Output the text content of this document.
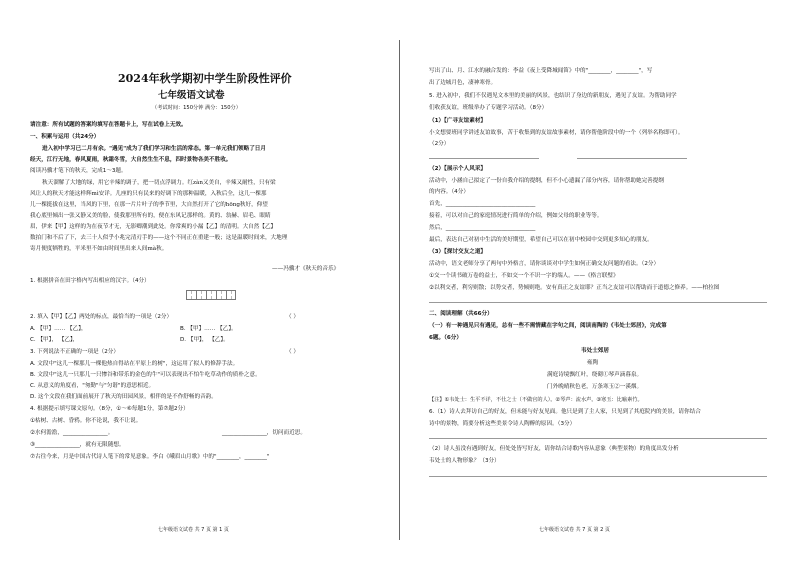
2024年秋学期初中学生阶段性评价
七年级语文试卷
（考试时间：150分钟 满分：150分）
请注意：所有试题的答案均填写在答题卡上，写在试卷上无效。
一、积累与运用（共24分）
进入初中学习已二月有余。"遇见"成为了我们学习和生活的常态。第一单元我们领略了日月
经天，江行无地，春风夏雨，秋霜冬雪，大自然生生不息，四时景物各美不胜收。
阅读冯骥才笔下的秋天，完成1～3题。
秋天溜解了大地的绿，用它辛辣的调子，把一切点浮调力。红zàn又美自，辛辣又耐性，只有梁
风让人的秋天才能这样辉mì安详。儿座的只有民来的好调下的那种温暖，入秋后全，这儿一棵那
儿一棵挺拔在这里，当风的下里，在那一片片叶子的季节里，大自然打开了它的hōng秋好，仰望
我心底里倾出一张又静又美的脸，使我那里所有的，便在东风记那样的。黄的、翁赫、眉毛、眼睛
眉，伊来【甲】这样的为在夜节才无，无影卿潮到此处。你常爽的小漏【乙】的清明。大自然【乙】
数拍门和不后了下，去三十人似乎小兆完清刃手的——这个不同正在重建一般；这是温暖时间来，大地理
寄月便度牺牲的，平米里不如由时间里出来人间mà秋。
——冯骥才《秋天的音乐》
1. 根据拼音在田字格内写出相应的汉字。（4分）
2. 填入【甲】【乙】两处的标点，最恰当的一项是（2分）	（ ）
A. 【甲】…… 【乙】，	B. 【甲】…… 【乙】。
C. 【甲】， 【乙】，	D. 【甲】， 【乙】。
3. 下列说法不正确的一项是（2分）	（ ）
A. 文段中"这儿一棵那儿一棵他热自得站在平原上的树"，这运用了拟人的修辞手法。
B. 文段中"这儿一只那儿一只惨谷和带乐的金色的牛"可以表现出不怕牛吃草动作的质朴之意。
C. 从意义的角度看，"匆勤"与"匀谐"的意思相近。
D. 这个文段在我们面前展开了秋天的田园风景，相伴的是不作舒畅的音韵。
4. 根据提示填写课文原句。（8分，①～⑥每题1分，第⑦题2分）
①枯树、古树、昏鸦。你不论说，我不让说。
②水何澹澹，________________。	________________，切问而近思。
③________________，就有无限随想。
⑦古往今来，月是中国古代诗人笔下的常见意象。李白《峨眉山月歌》中的"________，________"
七年级语文试卷 共 7 页 第 1 页
写出了山、月、江水的融合发的：李益《夜上受降城闻笛》中的"________，________"，写
出了边城月色，凄神寒骨。
5. 进入初中，我们不仅遇见文本里的美丽的风景，也结识了身边的新朋友，遇见了友谊。为帮助同学
们收获友谊，班级举办了专题学习活动。（8分）
（1）【广寻友谊素材】
小文想要班同学讲述友谊故事，苦于收集到的友谊故事素材，请你帮他阶段中的一个（列举名称即可）。
（2分）
（2）【展示个人风采】
活动中，小涵自己拟定了一份自我介绍的提纲，但不小心遗漏了部分内容，请你帮助她完善提纲
的内容。（4分）
首先，________________________________
接着，可以对自己的家庭情况进行简单的介绍，例如父母的职业等等。
然后，________________________________
最后，表达自己对初中生活的美好期望，希望自己可以在初中校园中交到更多知心的朋友。
（3）【探讨交友之道】
活动中，语文老师分享了两句中外格言，请你谈谈对中学生如何正确交友问题的看法。（2分）
①交一个读书破万卷的益士，不如交一个不识一字的端人。——《格言联璧》
②以利交者，利穷则散；以势交者，势倾则绝。安有真正之友谊耶？正当之友谊可以帮助而于道德之修养。——柏拉图
二、阅读理解（共66分）
（一）有一种遇见只有遇见，总有一些不需情藏在字句之间，阅读南陶的《韦处士郊居》，完成第
6题。（6分）
韦处士郊居
雍陶
满庭诗境飘红叶，绕砌①琴声滴暮泉。
门外晚晴秋色老，万条寒玉②一溪烟。
【注】①韦处士：生平不详，不仕之士（不做官的人）。②琴声：流水声。③寒玉：比喻素竹。
6.（1）诗人去拜访自己的好友，但未能与好友见面。他只是到了主人家，只见到了其庭院内的美景，请你结合
诗中的景物，简要分析这些美景令诗人陶醉的原因。（3分）
（2）诗人虽没有遇到好友，但处处皆写好友，请你结合诗歌内容从意象（典型景物）的角度出发分析
韦处士的人物形象？（3分）
七年级语文试卷 共 7 页 第 2 页
